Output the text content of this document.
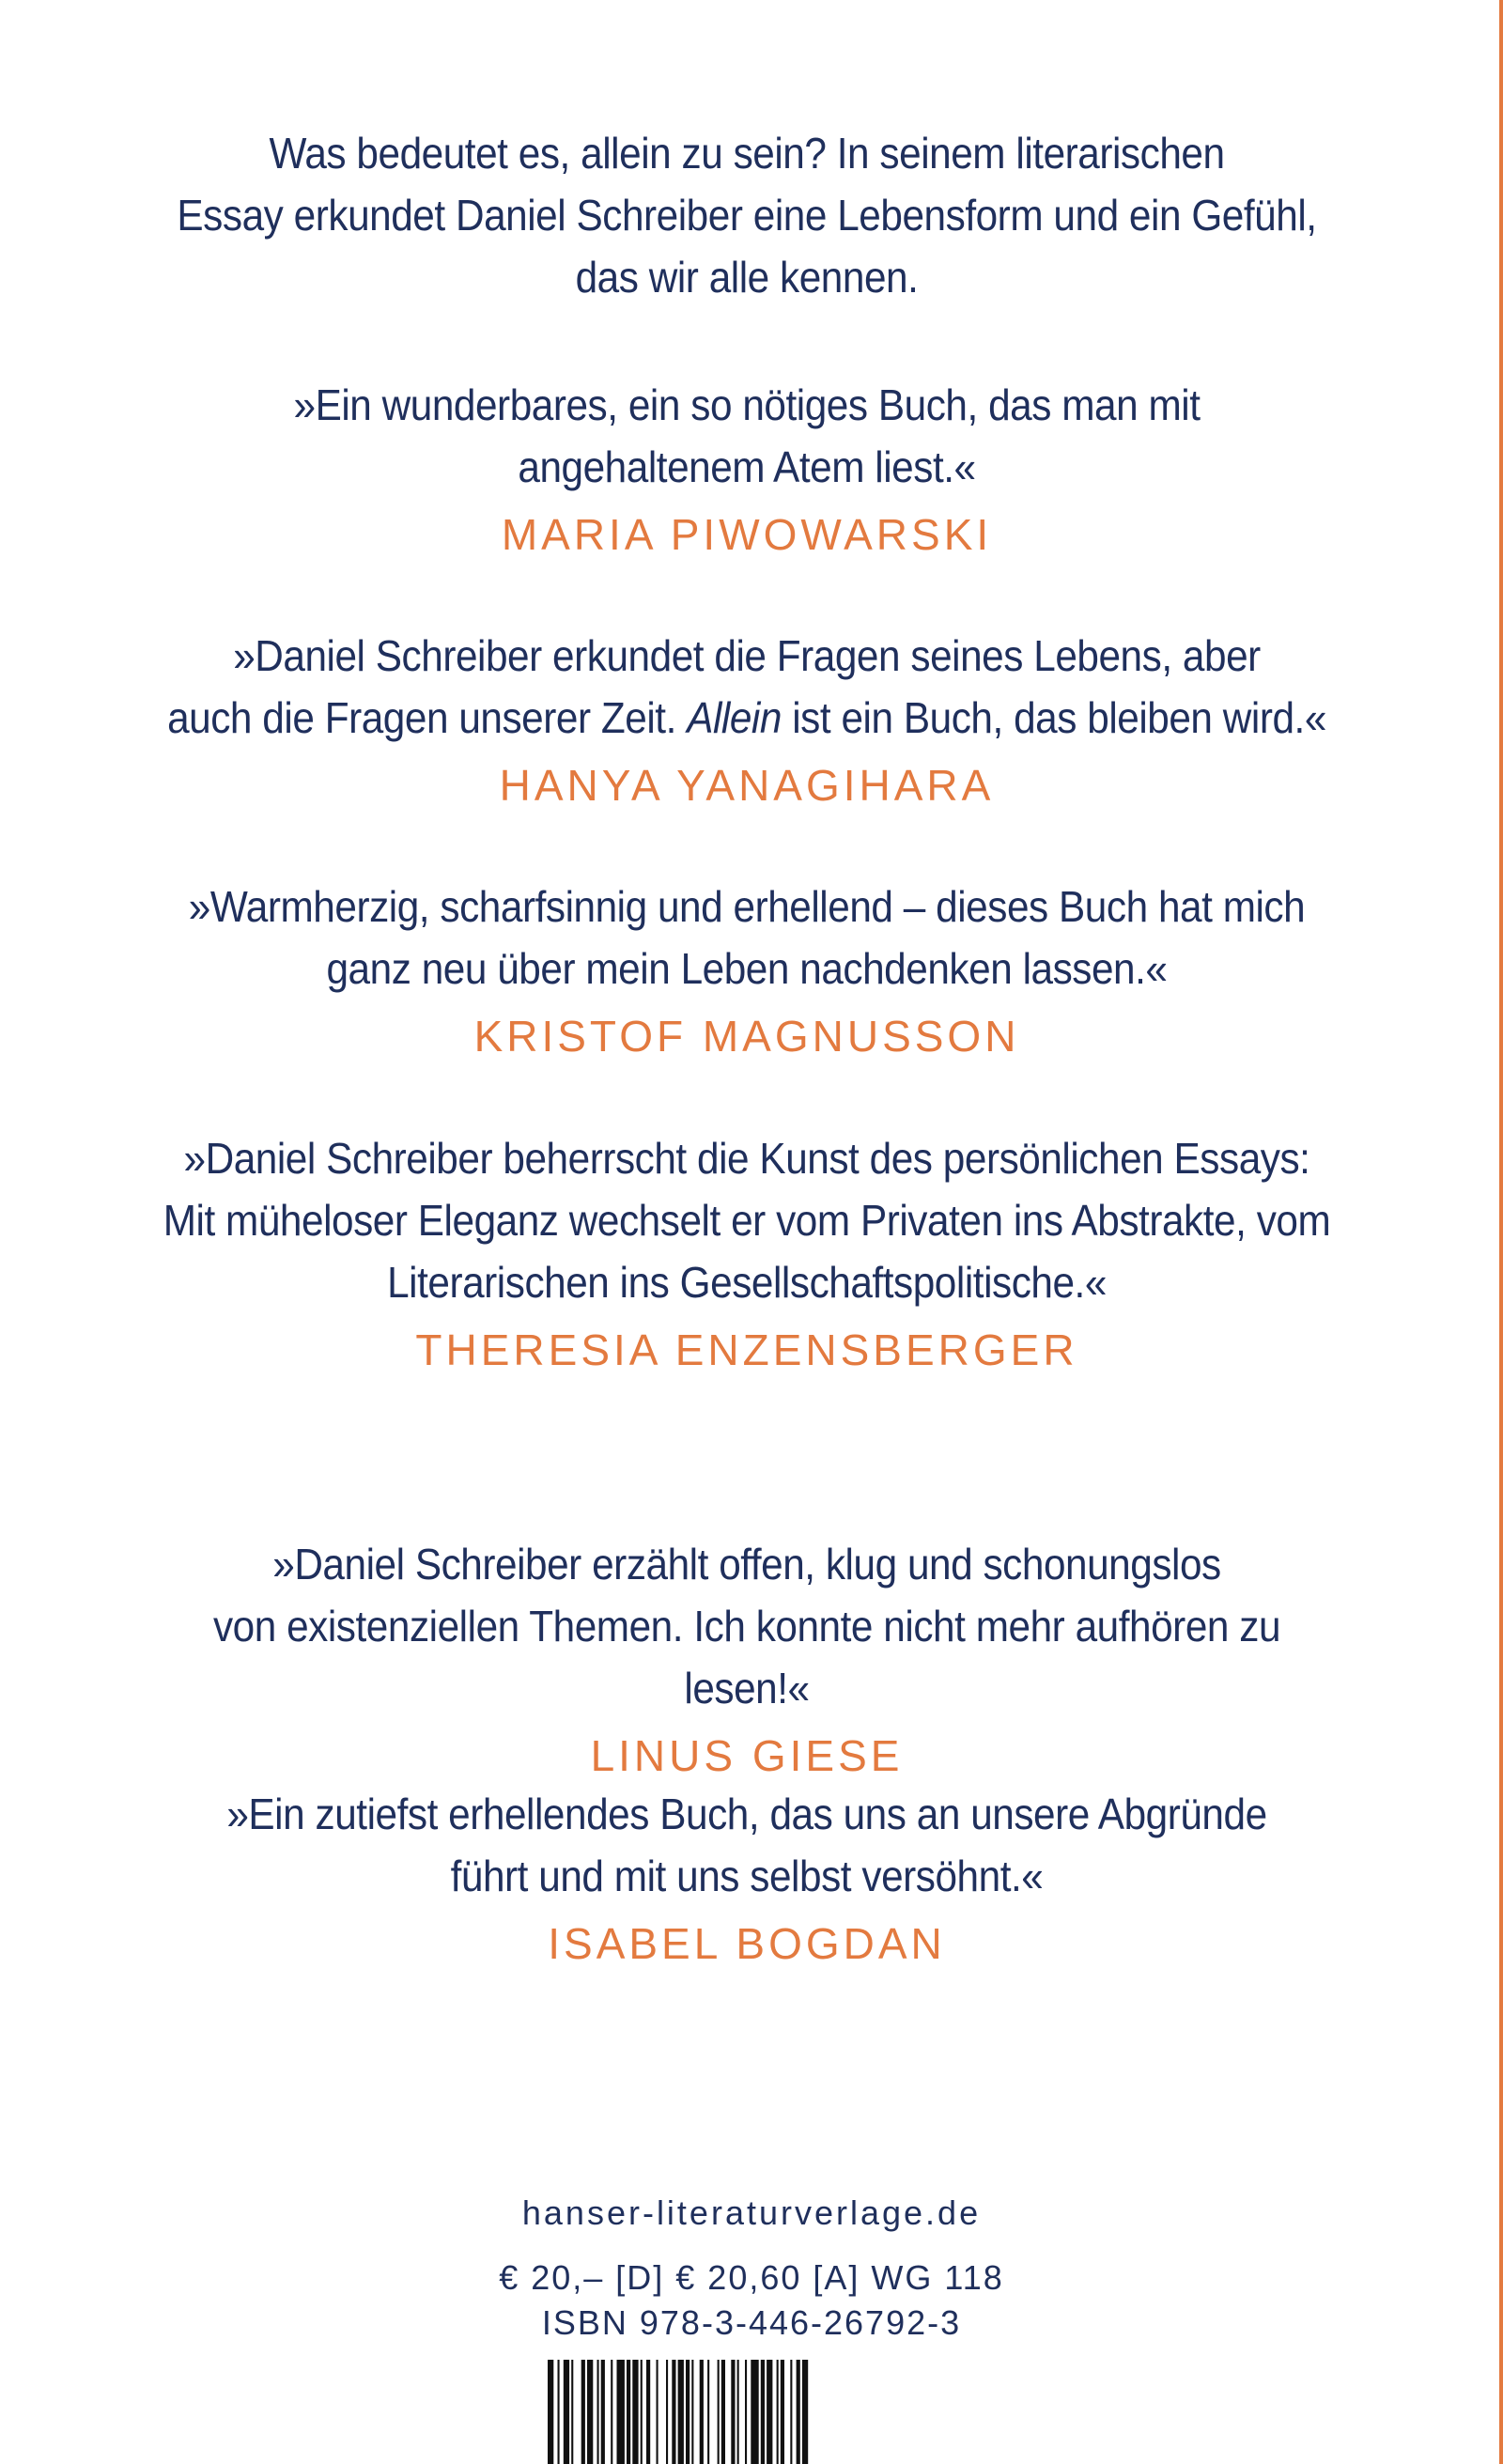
Was bedeutet es, allein zu sein? In seinem literarischen
Essay erkundet Daniel Schreiber eine Lebensform und ein Gefühl,
das wir alle kennen.

»Ein wunderbares, ein so nötiges Buch, das man mit
angehaltenem Atem liest.«

MARIA PIWOWARSKI

»Daniel Schreiber erkundet die Fragen seines Lebens, aber
auch die Fragen unserer Zeit. Allein ist ein Buch, das bleiben wird.«

HANYA YANAGIHARA

»Warmherzig, scharfsinnig und erhellend – dieses Buch hat mich
ganz neu über mein Leben nachdenken lassen.«

KRISTOF MAGNUSSON

»Daniel Schreiber beherrscht die Kunst des persönlichen Essays:
Mit müheloser Eleganz wechselt er vom Privaten ins Abstrakte, vom
Literarischen ins Gesellschaftspolitische.«

THERESIA ENZENSBERGER

»Daniel Schreiber erzählt offen, klug und schonungslos
von existenziellen Themen. Ich konnte nicht mehr aufhören zu lesen!«

LINUS GIESE

»Ein zutiefst erhellendes Buch, das uns an unsere Abgründe
führt und mit uns selbst versöhnt.«

ISABEL BOGDAN

hanser-literaturverlage.de

€ 20,– [D] € 20,60 [A] WG 118

ISBN 978-3-446-26792-3
